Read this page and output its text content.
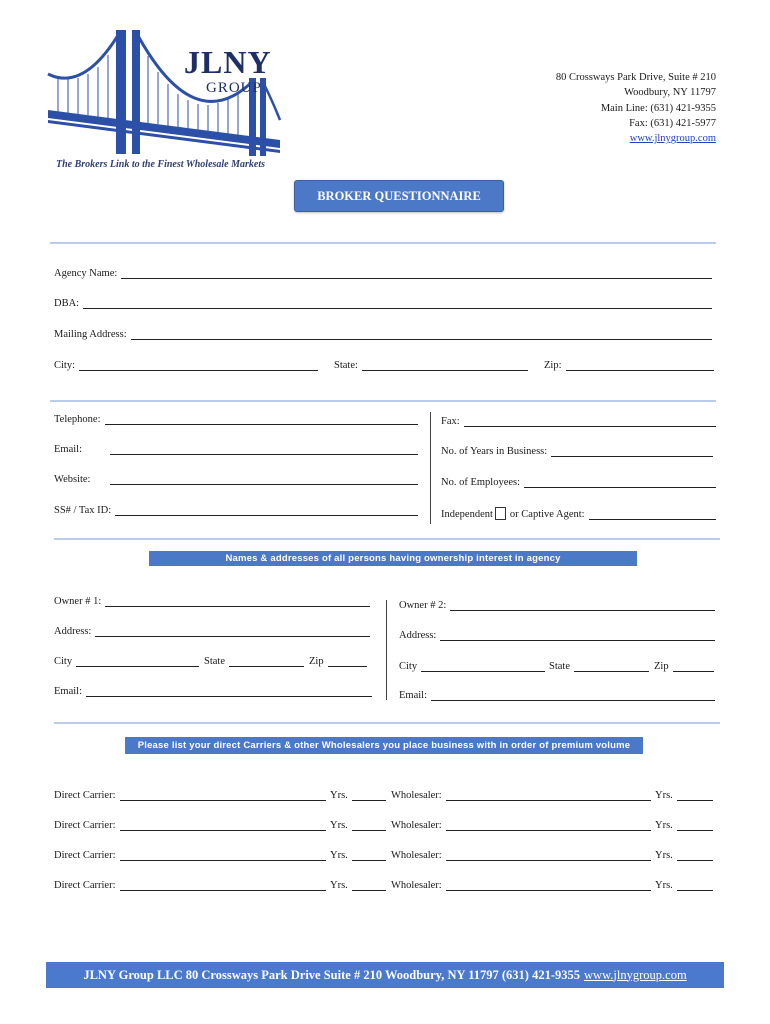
JLNY
GROUP
The Brokers Link to the Finest Wholesale Markets
80 Crossways Park Drive, Suite # 210
Woodbury, NY 11797
Main Line: (631) 421-9355
Fax: (631) 421-5977
www.jlnygroup.com
BROKER QUESTIONNAIRE
Agency Name:
DBA:
Mailing Address:
City:	State:	Zip:
Telephone:
Email:
Website:
SS# / Tax ID:
Fax:
No. of Years in Business:
No. of Employees:
Independent or Captive Agent:
Names & addresses of all persons having ownership interest in agency
Owner # 1:
Address:
City	State	Zip
Email:
Owner # 2:
Address:
City	State	Zip
Email:
Please list your direct Carriers & other Wholesalers you place business with in order of premium volume
Direct Carrier:	Yrs.	Wholesaler:	Yrs.
Direct Carrier:	Yrs.	Wholesaler:	Yrs.
Direct Carrier:	Yrs.	Wholesaler:	Yrs.
Direct Carrier:	Yrs.	Wholesaler:	Yrs.
JLNY Group LLC 80 Crossways Park Drive Suite # 210 Woodbury, NY 11797 (631) 421-9355 www.jlnygroup.com
